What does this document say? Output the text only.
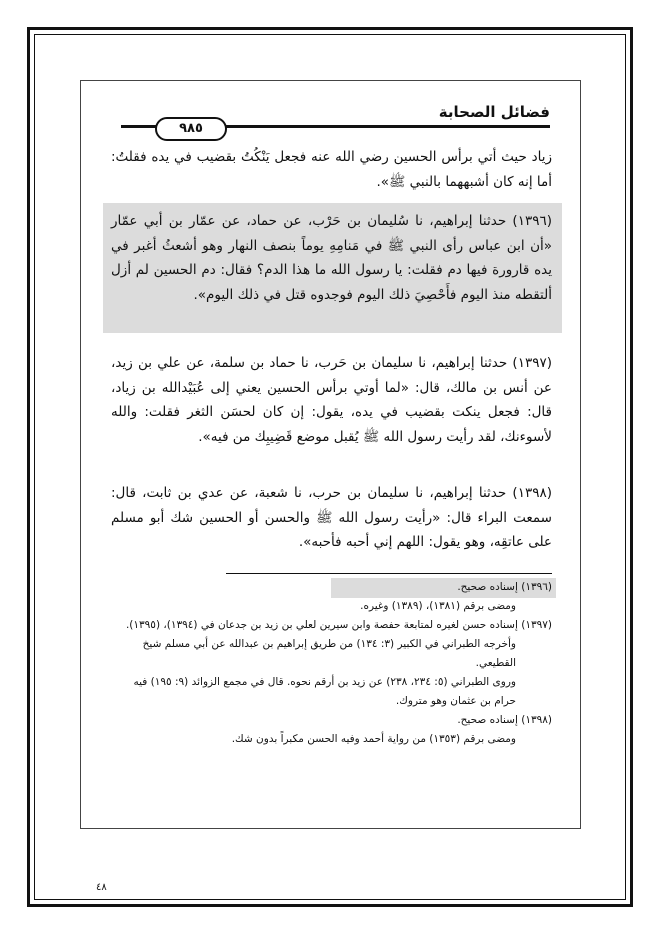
فضائل الصحابة
٩٨٥

زياد حيث أتي برأس الحسين رضي الله عنه فجعل يَنْكُتُ بقضيب في يده فقلتُ: أما إنه كان أشبههما بالنبي ﷺ».

(١٣٩٦) حدثنا إبراهيم، نا سُليمان بن حَرْب، عن حماد، عن عمّار بن أبي عمّار «أن ابن عباس رأى النبي ﷺ في مَنامِهِ يوماً بنصف النهار وهو أشعثُ أغبر في يده قارورة فيها دم فقلت: يا رسول الله ما هذا الدم؟ فقال: دم الحسين لم أزل ألتقطه منذ اليوم فأَحْصِيَ ذلك اليوم فوجدوه قتل في ذلك اليوم».

(١٣٩٧) حدثنا إبراهيم، نا سليمان بن حَرب، نا حماد بن سلمة، عن علي بن زيد، عن أنس بن مالك، قال: «لما أوتي برأس الحسين يعني إلى عُبَيْدالله بن زياد، قال: فجعل ينكت بقضيب في يده، يقول: إن كان لحسَن الثغر فقلت: والله لأسوءنك، لقد رأيت رسول الله ﷺ يُقبل موضع قَضِيبِك من فيه».

(١٣٩٨) حدثنا إبراهيم، نا سليمان بن حرب، نا شعبة، عن عدي بن ثابت، قال: سمعت البراء قال: «رأيت رسول الله ﷺ والحسن أو الحسين شك أبو مسلم على عاتقِه، وهو يقول: اللهم إني أحبه فأحبه».

(١٣٩٦) إسناده صحيح.

ومضى برقم (١٣٨١)، (١٣٨٩) وغيره.

(١٣٩٧) إسناده حسن لغيره لمتابعة حفصة وابن سيرين لعلي بن زيد بن جدعان في (١٣٩٤)، (١٣٩٥).

وأخرجه الطبراني في الكبير (٣: ١٣٤) من طريق إبراهيم بن عبدالله عن أبي مسلم شيخ القطيعي.

وروى الطبراني (٥: ٢٣٤، ٢٣٨) عن زيد بن أرقم نحوه. قال في مجمع الزوائد (٩: ١٩٥) فيه حرام بن عثمان وهو متروك.

(١٣٩٨) إسناده صحيح.

ومضى برقم (١٣٥٣) من رواية أحمد وفيه الحسن مكبراً بدون شك.

٤٨
